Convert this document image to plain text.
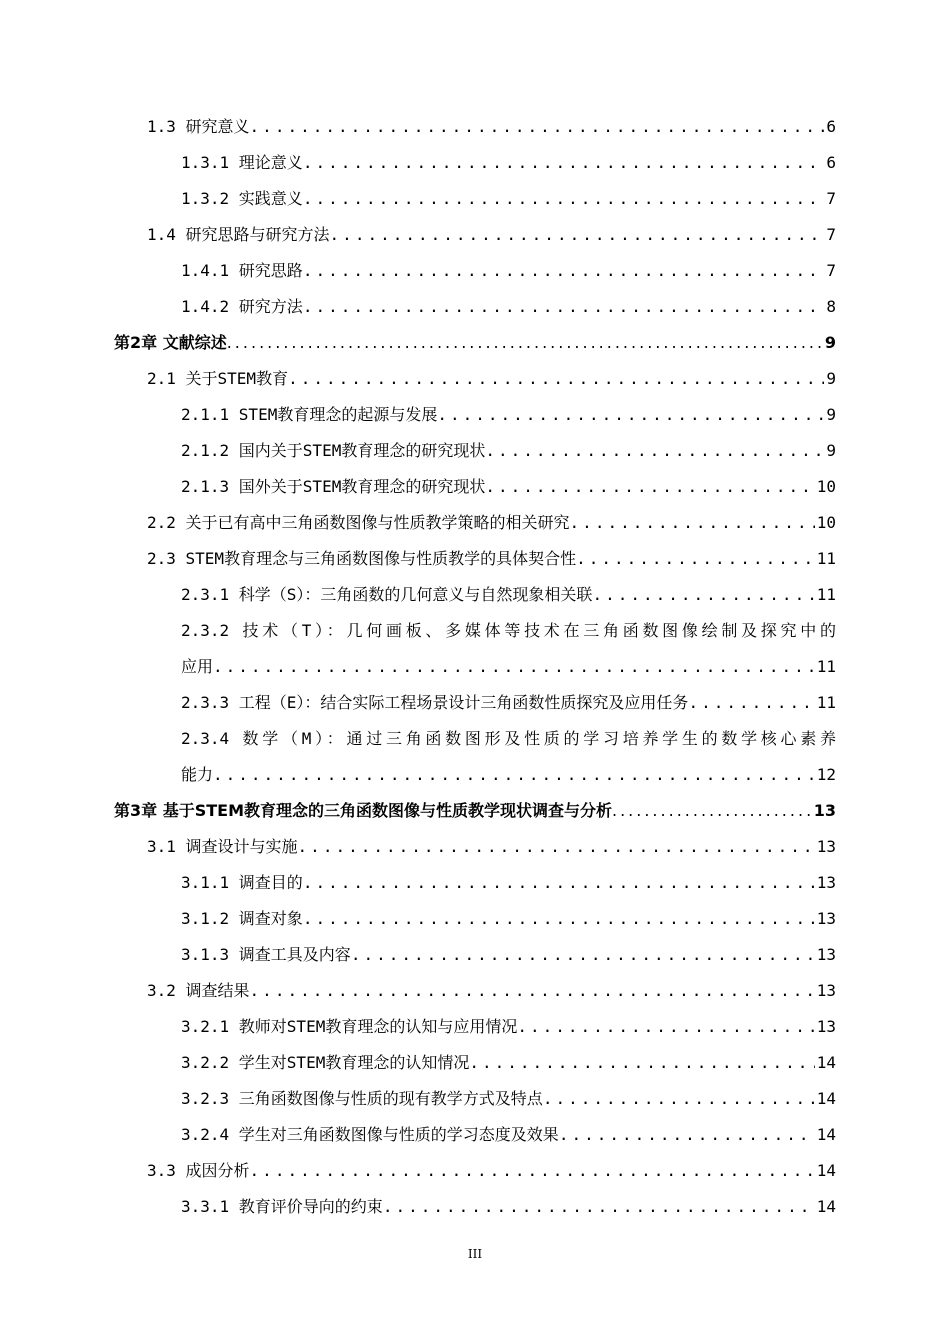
1.3 研究意义 .....	6
1.3.1 理论意义 .....	6
1.3.2 实践意义 .....	7
1.4 研究思路与研究方法 .....	7
1.4.1 研究思路 .....	7
1.4.2 研究方法 .....	8
第2章 文献综述 .....	9
2.1 关于STEM教育 .....	9
2.1.1 STEM教育理念的起源与发展 .....	9
2.1.2 国内关于STEM教育理念的研究现状 .....	9
2.1.3 国外关于STEM教育理念的研究现状 .....	10
2.2 关于已有高中三角函数图像与性质教学策略的相关研究 .....	10
2.3 STEM教育理念与三角函数图像与性质教学的具体契合性 .....	11
2.3.1 科学（S）：三角函数的几何意义与自然现象相关联 .....	11
2.3.2 技术（T）：几何画板、多媒体等技术在三角函数图像绘制及探究中的
应用 .....	11
2.3.3 工程（E）：结合实际工程场景设计三角函数性质探究及应用任务 .....	11
2.3.4 数学（M）：通过三角函数图形及性质的学习培养学生的数学核心素养
能力 .....	12
第3章 基于STEM教育理念的三角函数图像与性质教学现状调查与分析 .....	13
3.1 调查设计与实施 .....	13
3.1.1 调查目的 .....	13
3.1.2 调查对象 .....	13
3.1.3 调查工具及内容 .....	13
3.2 调查结果 .....	13
3.2.1 教师对STEM教育理念的认知与应用情况 .....	13
3.2.2 学生对STEM教育理念的认知情况 .....	14
3.2.3 三角函数图像与性质的现有教学方式及特点 .....	14
3.2.4 学生对三角函数图像与性质的学习态度及效果 .....	14
3.3 成因分析 .....	14
3.3.1 教育评价导向的约束 .....	14
III
